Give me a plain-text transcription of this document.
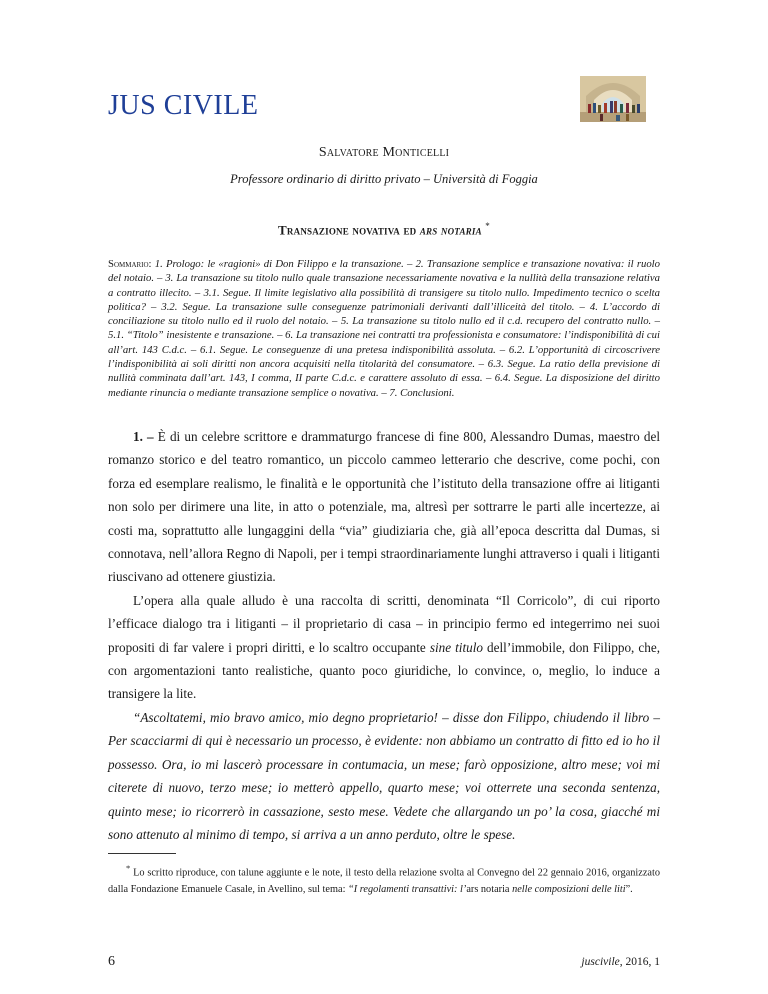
JUS CIVILE
Salvatore Monticelli
Professore ordinario di diritto privato – Università di Foggia
Transazione novativa ed ars notaria *

Sommario: 1. Prologo: le «ragioni» di Don Filippo e la transazione. – 2. Transazione semplice e transazione novativa: il ruolo del notaio. – 3. La transazione su titolo nullo quale transazione necessariamente novativa e la nullità della transazione relativa a contratto illecito. – 3.1. Segue. Il limite legislativo alla possibilità di transigere su titolo nullo. Impedimento tecnico o scelta politica? – 3.2. Segue. La transazione sulle conseguenze patrimoniali derivanti dall’illiceità del titolo. – 4. L’accordo di conciliazione su titolo nullo ed il ruolo del notaio. – 5. La transazione su titolo nullo ed il c.d. recupero del contratto nullo. – 5.1. “Titolo” inesistente e transazione. – 6. La transazione nei contratti tra professionista e consumatore: l’indisponibilità di cui all’art. 143 C.d.c. – 6.1. Segue. Le conseguenze di una pretesa indisponibilità assoluta. – 6.2. L’opportunità di circoscrivere l’indisponibilità ai soli diritti non ancora acquisiti nella titolarità del consumatore. – 6.3. Segue. La ratio della previsione di nullità comminata dall’art. 143, I comma, II parte C.d.c. e carattere assoluto di essa. – 6.4. Segue. La disposizione del diritto mediante rinuncia o mediante transazione semplice o novativa. – 7. Conclusioni.

1. – È di un celebre scrittore e drammaturgo francese di fine 800, Alessandro Dumas, maestro del romanzo storico e del teatro romantico, un piccolo cammeo letterario che descrive, come pochi, con forza ed esemplare realismo, le finalità e le opportunità che l’istituto della transazione offre ai litiganti non solo per dirimere una lite, in atto o potenziale, ma, altresì per sottrarre le parti alle incertezze, ai costi ma, soprattutto alle lungaggini della “via” giudiziaria che, già all’epoca descritta dal Dumas, si connotava, nell’allora Regno di Napoli, per i tempi straordinariamente lunghi attraverso i quali i litiganti riuscivano ad ottenere giustizia.

L’opera alla quale alludo è una raccolta di scritti, denominata “Il Corricolo”, di cui riporto l’efficace dialogo tra i litiganti – il proprietario di casa – in principio fermo ed integerrimo nei suoi propositi di far valere i propri diritti, e lo scaltro occupante sine titulo dell’immobile, don Filippo, che, con argomentazioni tanto realistiche, quanto poco giuridiche, lo convince, o, meglio, lo induce a transigere la lite.

“Ascoltatemi, mio bravo amico, mio degno proprietario! – disse don Filippo, chiudendo il libro – Per scacciarmi di qui è necessario un processo, è evidente: non abbiamo un contratto di fitto ed io ho il possesso. Ora, io mi lascerò processare in contumacia, un mese; farò opposizione, altro mese; voi mi citerete di nuovo, terzo mese; io metterò appello, quarto mese; voi otterrete una seconda sentenza, quinto mese; io ricorrerò in cassazione, sesto mese. Vedete che allargando un po’ la cosa, giacché mi sono attenuto al minimo di tempo, si arriva a un anno perduto, oltre le spese.

* Lo scritto riproduce, con talune aggiunte e le note, il testo della relazione svolta al Convegno del 22 gennaio 2016, organizzato dalla Fondazione Emanuele Casale, in Avellino, sul tema: “I regolamenti transattivi: l’ars notaria nelle composizioni delle liti”.

6	juscivile, 2016, 1
